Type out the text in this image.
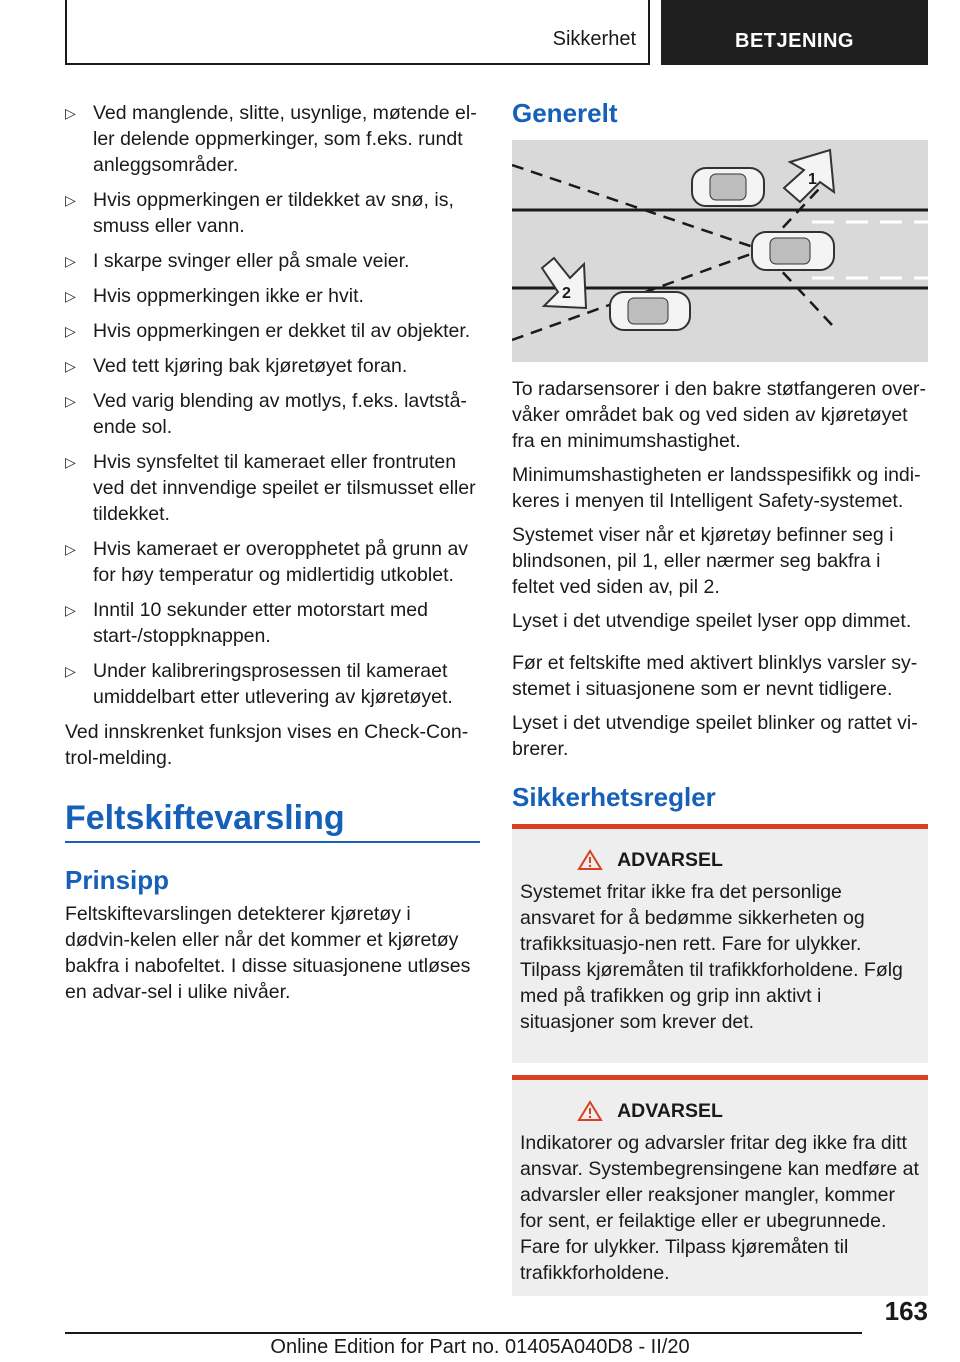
Sikkerhet	BETJENING
▷ Ved manglende, slitte, usynlige, møtende el-ler delende oppmerkinger, som f.eks. rundt anleggsområder.
▷ Hvis oppmerkingen er tildekket av snø, is, smuss eller vann.
▷ I skarpe svinger eller på smale veier.
▷ Hvis oppmerkingen ikke er hvit.
▷ Hvis oppmerkingen er dekket til av objekter.
▷ Ved tett kjøring bak kjøretøyet foran.
▷ Ved varig blending av motlys, f.eks. lavtstå-ende sol.
▷ Hvis synsfeltet til kameraet eller frontruten ved det innvendige speilet er tilsmusset eller tildekket.
▷ Hvis kameraet er overopphetet på grunn av for høy temperatur og midlertidig utkoblet.
▷ Inntil 10 sekunder etter motorstart med start-/stoppknappen.
▷ Under kalibreringsprosessen til kameraet umiddelbart etter utlevering av kjøretøyet.

Ved innskrenket funksjon vises en Check-Con-trol-melding.

Feltskiftevarsling
Prinsipp

Feltskiftevarslingen detekterer kjøretøy i dødvin-kelen eller når det kommer et kjøretøy bakfra i nabofeltet. I disse situasjonene utløses en advar-sel i ulike nivåer.

Generelt
1
2

To radarsensorer i den bakre støtfangeren over-våker området bak og ved siden av kjøretøyet fra en minimumshastighet.

Minimumshastigheten er landsspesifikk og indi-keres i menyen til Intelligent Safety-systemet.

Systemet viser når et kjøretøy befinner seg i blindsonen, pil 1, eller nærmer seg bakfra i feltet ved siden av, pil 2.

Lyset i det utvendige speilet lyser opp dimmet.

Før et feltskifte med aktivert blinklys varsler sy-stemet i situasjonene som er nevnt tidligere.

Lyset i det utvendige speilet blinker og rattet vi-brerer.

Sikkerhetsregler
ADVARSEL

Systemet fritar ikke fra det personlige ansvaret for å bedømme sikkerheten og trafikksituasjo-nen rett. Fare for ulykker. Tilpass kjøremåten til trafikkforholdene. Følg med på trafikken og grip inn aktivt i situasjoner som krever det.

ADVARSEL

Indikatorer og advarsler fritar deg ikke fra ditt ansvar. Systembegrensingene kan medføre at advarsler eller reaksjoner mangler, kommer for sent, er feilaktige eller er ubegrunnede. Fare for ulykker. Tilpass kjøremåten til trafikkforholdene.

163
Online Edition for Part no. 01405A040D8 - II/20
